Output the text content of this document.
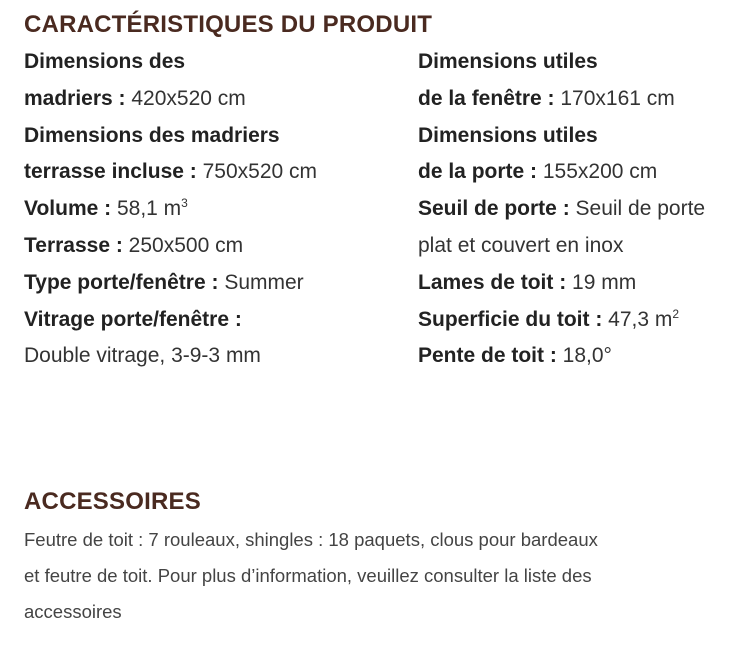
CARACTÉRISTIQUES DU PRODUIT
Dimensions des
madriers : 420x520 cm
Dimensions des madriers
terrasse incluse : 750x520 cm
Volume : 58,1 $m^3$
Terrasse : 250x500 cm
Type porte/fenêtre : Summer
Vitrage porte/fenêtre :
Double vitrage, 3-9-3 mm
Dimensions utiles
de la fenêtre : 170x161 cm
Dimensions utiles
de la porte : 155x200 cm
Seuil de porte : Seuil de porte
plat et couvert en inox
Lames de toit : 19 mm
Superficie du toit : 47,3 $m^2$
Pente de toit : 18,0°
ACCESSOIRES
Feutre de toit : 7 rouleaux, shingles : 18 paquets, clous pour bardeaux
et feutre de toit. Pour plus d’information, veuillez consulter la liste des
accessoires
